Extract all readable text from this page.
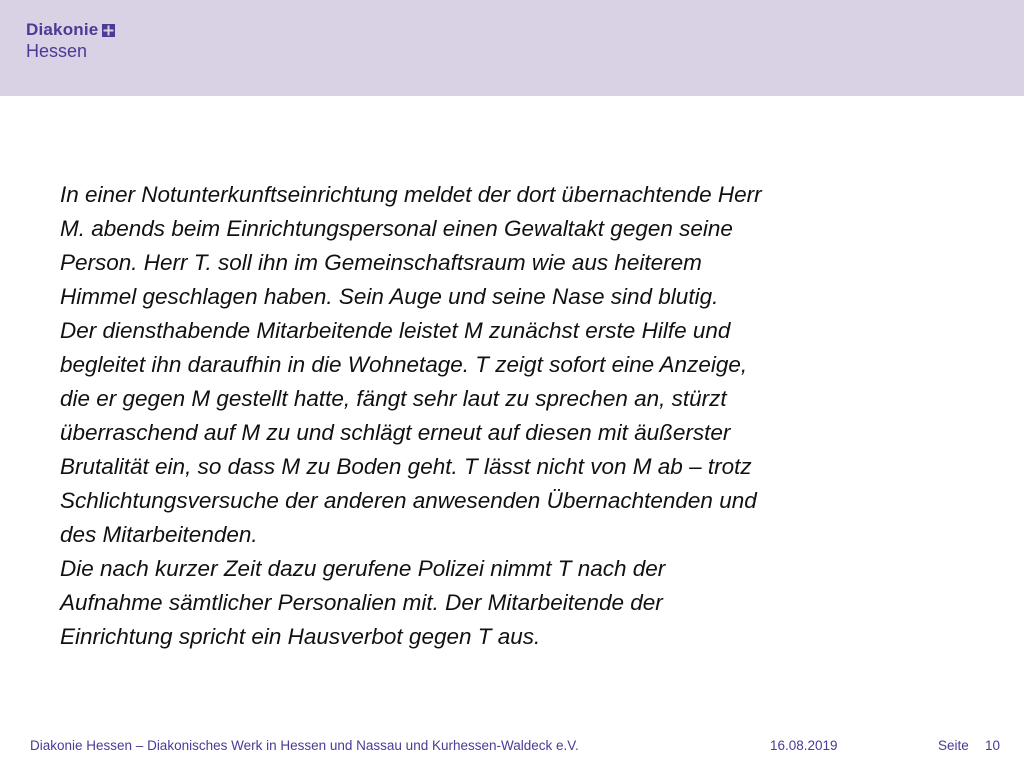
Diakonie
Hessen
In einer Notunterkunftseinrichtung meldet der dort übernachtende Herr
M. abends beim Einrichtungspersonal einen Gewaltakt gegen seine
Person. Herr T. soll ihn im Gemeinschaftsraum wie aus heiterem
Himmel geschlagen haben. Sein Auge und seine Nase sind blutig.
Der diensthabende Mitarbeitende leistet M zunächst erste Hilfe und
begleitet ihn daraufhin in die Wohnetage. T zeigt sofort eine Anzeige,
die er gegen M gestellt hatte, fängt sehr laut zu sprechen an, stürzt
überraschend auf M zu und schlägt erneut auf diesen mit äußerster
Brutalität ein, so dass M zu Boden geht. T lässt nicht von M ab – trotz
Schlichtungsversuche der anderen anwesenden Übernachtenden und
des Mitarbeitenden.
Die nach kurzer Zeit dazu gerufene Polizei nimmt T nach der
Aufnahme sämtlicher Personalien mit. Der Mitarbeitende der
Einrichtung spricht ein Hausverbot gegen T aus.
Diakonie Hessen – Diakonisches Werk in Hessen und Nassau und Kurhessen-Waldeck e.V.	16.08.2019	Seite 10
